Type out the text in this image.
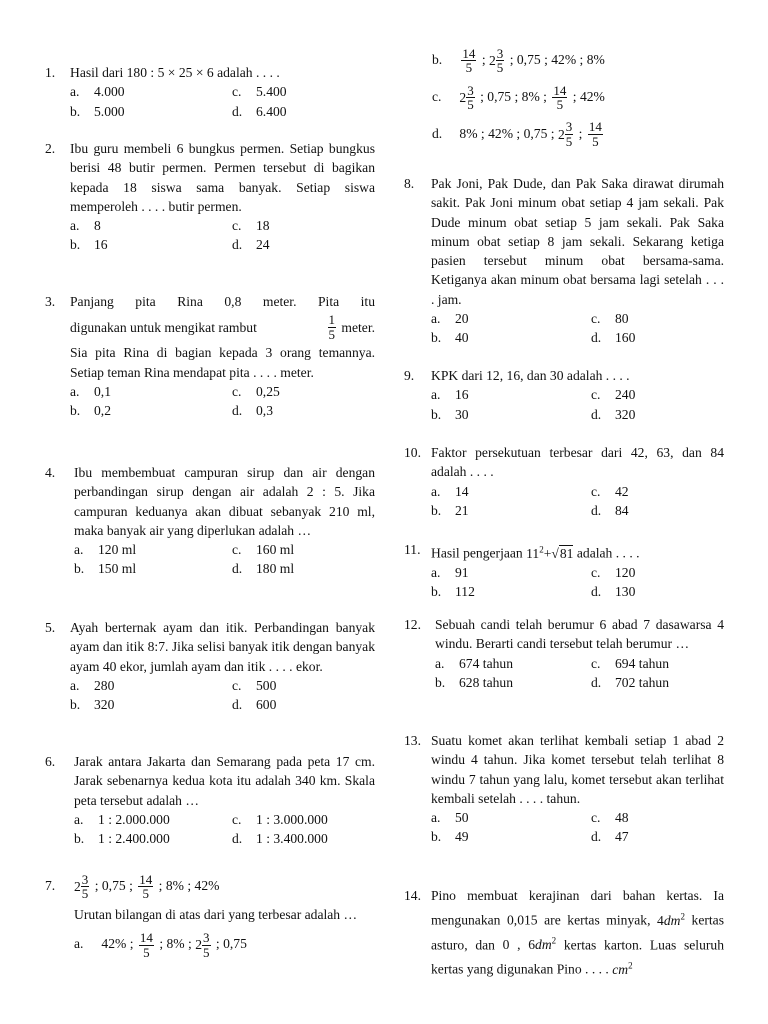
1. Hasil dari 180 : 5 × 25 × 6 adalah . . . .
a.	4.000	c.	5.400
b.	5.000	d.	6.400
2. Ibu guru membeli 6 bungkus permen. Setiap bungkus berisi 48 butir permen. Permen tersebut di bagikan kepada 18 siswa sama banyak. Setiap siswa memperoleh . . . . butir permen.
a.	8	c.	18
b.	16	d.	24
3. Panjang pita Rina 0,8 meter. Pita itu
digunakan untuk mengikat rambut	1
5
meter.
Sia pita Rina di bagian kepada 3 orang temannya. Setiap teman Rina mendapat pita . . . . meter.
a.	0,1	c.	0,25
b.	0,2	d.	0,3
4. Ibu membembuat campuran sirup dan air dengan perbandingan sirup dengan air adalah 2 : 5. Jika campuran keduanya akan dibuat sebanyak 210 ml, maka banyak air yang diperlukan adalah …
a.	120 ml	c.	160 ml
b.	150 ml	d.	180 ml
5. Ayah berternak ayam dan itik. Perbandingan banyak ayam dan itik 8:7. Jika selisi banyak itik dengan banyak ayam 40 ekor, jumlah ayam dan itik . . . . ekor.
a.	280	c.	500
b.	320	d.	600
6. Jarak antara Jakarta dan Semarang pada peta 17 cm. Jarak sebenarnya kedua kota itu adalah 340 km. Skala peta tersebut adalah …
a.	1 : 2.000.000	c.	1 : 3.000.000
b.	1 : 2.400.000	d.	1 : 3.400.000
7. $2 \frac{3}{5}$ ; 0,75 ; $\frac{14}{5}$ ; 8% ; 42%
Urutan bilangan di atas dari yang terbesar adalah …
a. 42% ; $\frac{14}{5}$ ; 8% ; $2 \frac{3}{5}$ ; 0,75
b. $\frac{14}{5}$ ; $2 \frac{3}{5}$ ; 0,75 ; 42% ; 8%
c. $2 \frac{3}{5}$ ; 0,75 ; 8% ; $\frac{14}{5}$ ; 42%
d. 8% ; 42% ; 0,75 ; $2 \frac{3}{5}$ ; $\frac{14}{5}$
8. Pak Joni, Pak Dude, dan Pak Saka dirawat dirumah sakit. Pak Joni minum obat setiap 4 jam sekali. Pak Dude minum obat setiap 5 jam sekali. Pak Saka minum obat setiap 8 jam sekali. Sekarang ketiga pasien tersebut minum obat bersama-sama. Ketiganya akan minum obat bersama lagi setelah . . . . jam.
a.	20	c.	80
b.	40	d.	160
9. KPK dari 12, 16, dan 30 adalah . . . .
a.	16	c.	240
b.	30	d.	320
10. Faktor persekutuan terbesar dari 42, 63, dan 84 adalah . . . .
a.	14	c.	42
b.	21	d.	84
11. Hasil pengerjaan $11^2+√81$ adalah . . . .
a.	91	c.	120
b.	112	d.	130
12. Sebuah candi telah berumur 6 abad 7 dasawarsa 4 windu. Berarti candi tersebut telah berumur …
a.	674 tahun	c.	694 tahun
b.	628 tahun	d.	702 tahun
13. Suatu komet akan terlihat kembali setiap 1 abad 2 windu 4 tahun. Jika komet tersebut telah terlihat 8 windu 7 tahun yang lalu, komet tersebut akan terlihat kembali setelah . . . . tahun.
a.	50	c.	48
b.	49	d.	47
14. Pino membuat kerajinan dari bahan kertas. Ia mengunakan 0,015 are kertas minyak, $4dm^2$ kertas asturo, dan 0 , $6dm^2$ kertas karton. Luas seluruh kertas yang digunakan Pino . . . . $cm^2$
